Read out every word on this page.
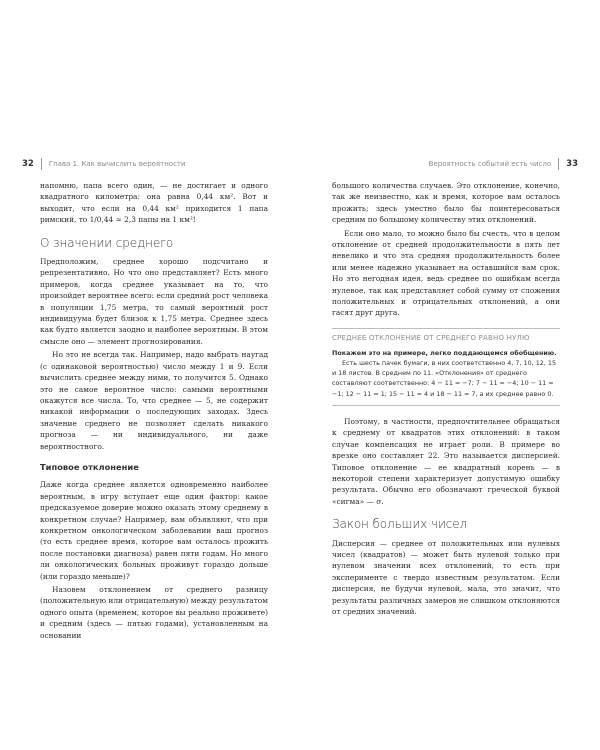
32 Глава 1. Как вычислить вероятности

напомню, папа всего один, — не достигает и одного квадратного километра: она равна 0,44 км². Вот и выходит, что если на 0,44 км² приходится 1 папа римский, то 1/0,44 ≈ 2,3 папы на 1 км²!

О значении среднего

Предположим, среднее хорошо подсчитано и репрезентативно. Но что оно представляет? Есть много примеров, когда среднее указывает на то, что произойдет вероятнее всего: если средний рост человека в популяции 1,75 метра, то самый вероятный рост индивидуума будет близок к 1,75 метра. Среднее здесь как будто является заодно и наиболее вероятным. В этом смысле оно — элемент прогнозирования.

Но это не всегда так. Например, надо выбрать наугад (с одинаковой вероятностью) число между 1 и 9. Если вычислить среднее между ними, то получится 5. Однако это не самое вероятное число: самыми вероятными окажутся все числа. То, что среднее — 5, не содержит никакой информации о последующих заходах. Здесь значение среднего не позволяет сделать никакого прогноза — ни индивидуального, ни даже вероятностного.

Типовое отклонение

Даже когда среднее является одновременно наиболее вероятным, в игру вступает еще один фактор: какое предсказуемое доверие можно оказать этому среднему в конкретном случае? Например, вам объявляют, что при конкретном онкологическом заболевании ваш прогноз (то есть среднее время, которое вам осталось прожить после постановки диагноза) равен пяти годам. Но много ли онкологических больных проживут гораздо дольше (или гораздо меньше)?

Назовем отклонением от среднего разницу (положительную или отрицательную) между результатом одного опыта (временем, которое вы реально проживете) и средним (здесь — пятью годами), установленным на основании

Вероятность событий есть число 33

большого количества случаев. Это отклонение, конечно, так же неизвестно, как и время, которое вам осталось прожить; здесь уместно было бы поинтересоваться средним по большому количеству этих отклонений.

Если оно мало, то можно было бы счесть, что в целом отклонение от средней продолжительности в пять лет невелико и что эта средняя продолжительность более или менее надежно указывает на оставшийся вам срок. Но это негодная идея, ведь среднее по ошибкам всегда нулевое, так как представляет собой сумму от сложения положительных и отрицательных отклонений, а они гасят друг друга.

СРЕДНЕЕ ОТКЛОНЕНИЕ ОТ СРЕДНЕГО РАВНО НУЛЮ

Покажем это на примере, легко поддающемся обобщению.

Есть шесть пачек бумаги, в них соответственно 4, 7, 10, 12, 15 и 18 листов. В среднем по 11. «Отклонения» от среднего составляют соответственно: 4 − 11 = −7; 7 − 11 = −4; 10 − 11 = −1; 12 − 11 = 1; 15 − 11 = 4 и 18 − 11 = 7, а их среднее равно 0.

Поэтому, в частности, предпочтительнее обращаться к среднему от квадратов этих отклонений: в таком случае компенсация не играет роли. В примере во врезке оно составляет 22. Это называется дисперсией. Типовое отклонение — ее квадратный корень — в некоторой степени характеризует допустимую ошибку результата. Обычно его обозначают греческой буквой «сигма» — σ.

Закон больших чисел

Дисперсия — среднее от положительных или нулевых чисел (квадратов) — может быть нулевой только при нулевом значении всех отклонений, то есть при эксперименте с твердо известным результатом. Если дисперсия, не будучи нулевой, мала, это значит, что результаты различных замеров не слишком отклоняются от средних значений.
